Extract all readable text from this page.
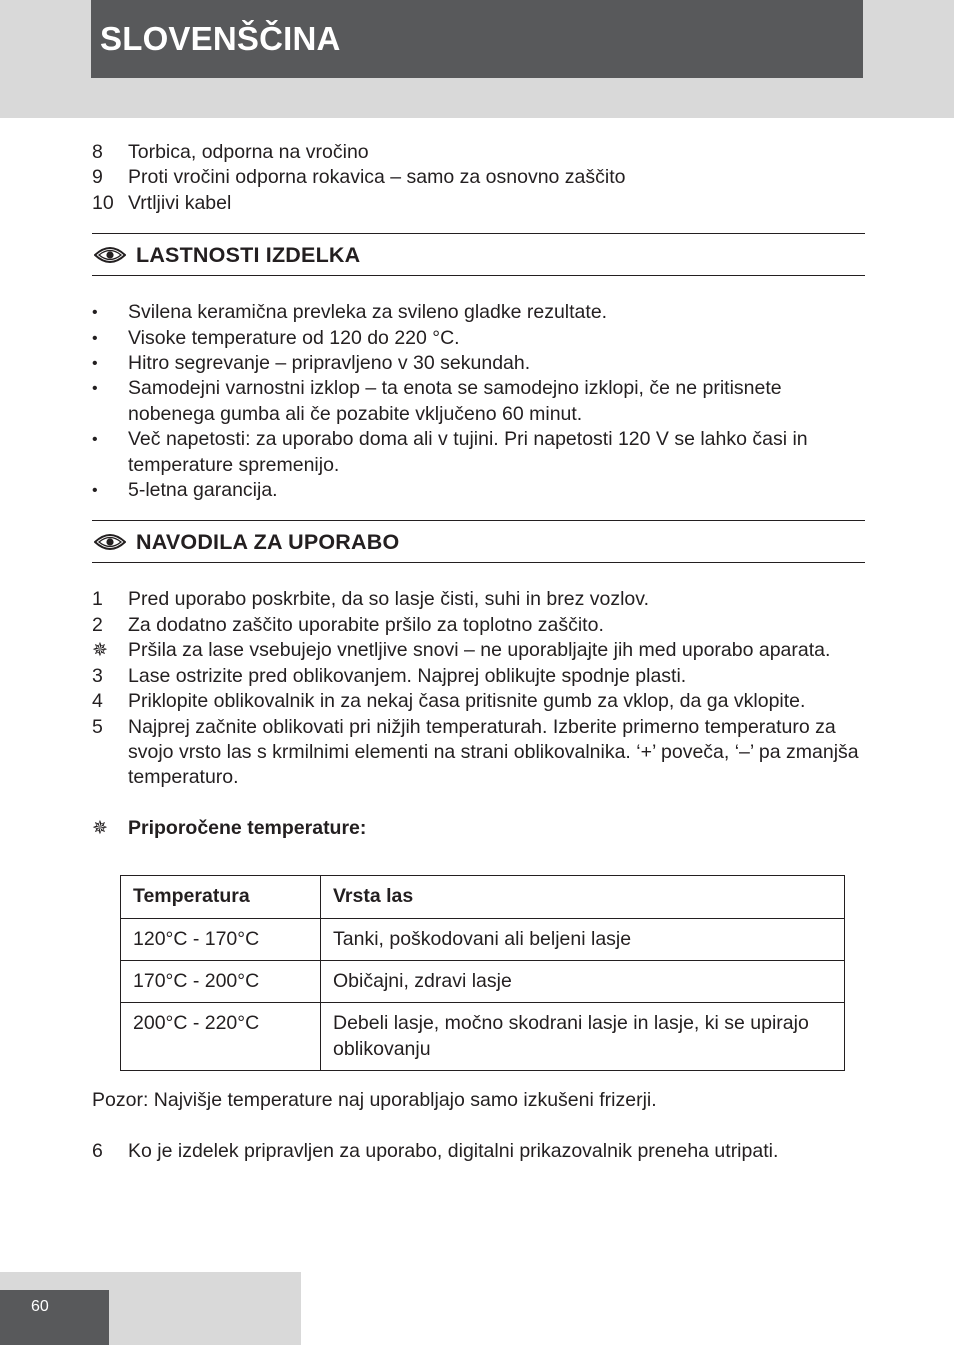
SLOVENŠČINA
8 Torbica, odporna na vročino
9 Proti vročini odporna rokavica – samo za osnovno zaščito
10 Vrtljivi kabel
LASTNOSTI IZDELKA
• Svilena keramična prevleka za svileno gladke rezultate.
• Visoke temperature od 120 do 220 °C.
• Hitro segrevanje – pripravljeno v 30 sekundah.
• Samodejni varnostni izklop – ta enota se samodejno izklopi, če ne pritisnete nobenega gumba ali če pozabite vključeno 60 minut.
• Več napetosti: za uporabo doma ali v tujini. Pri napetosti 120 V se lahko časi in temperature spremenijo.
• 5-letna garancija.
NAVODILA ZA UPORABO
1 Pred uporabo poskrbite, da so lasje čisti, suhi in brez vozlov.
2 Za dodatno zaščito uporabite pršilo za toplotno zaščito.
✵ Pršila za lase vsebujejo vnetljive snovi – ne uporabljajte jih med uporabo aparata.
3 Lase ostrizite pred oblikovanjem. Najprej oblikujte spodnje plasti.
4 Priklopite oblikovalnik in za nekaj časa pritisnite gumb za vklop, da ga vklopite.
5 Najprej začnite oblikovati pri nižjih temperaturah. Izberite primerno temperaturo za svojo vrsto las s krmilnimi elementi na strani oblikovalnika. ‘+’ poveča, ‘–’ pa zmanjša temperaturo.
✵ Priporočene temperature:
Temperatura	Vrsta las
120°C - 170°C	Tanki, poškodovani ali beljeni lasje
170°C - 200°C	Običajni, zdravi lasje
200°C - 220°C	Debeli lasje, močno skodrani lasje in lasje, ki se upirajo oblikovanju
Pozor: Najvišje temperature naj uporabljajo samo izkušeni frizerji.
6 Ko je izdelek pripravljen za uporabo, digitalni prikazovalnik preneha utripati.
60
